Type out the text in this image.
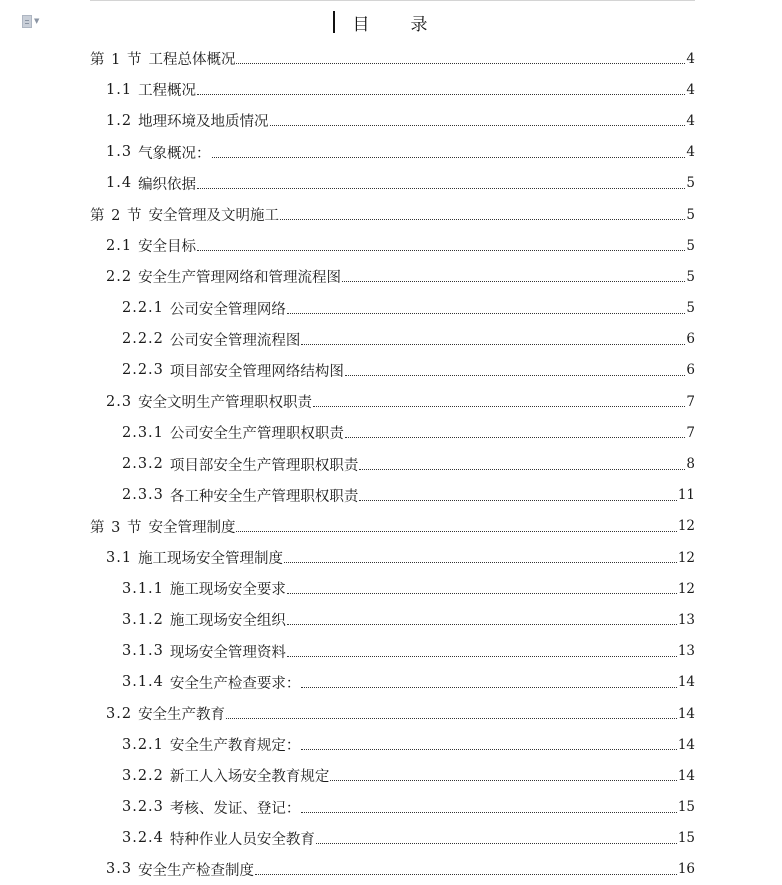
▼	目　录
第 1 节 工程总体概况	4
1.1 工程概况	4
1.2 地理环境及地质情况	4
1.3 气象概况：	4
1.4 编织依据	5
第 2 节 安全管理及文明施工	5
2.1 安全目标	5
2.2 安全生产管理网络和管理流程图	5
2.2.1 公司安全管理网络	5
2.2.2 公司安全管理流程图	6
2.2.3 项目部安全管理网络结构图	6
2.3 安全文明生产管理职权职责	7
2.3.1 公司安全生产管理职权职责	7
2.3.2 项目部安全生产管理职权职责	8
2.3.3 各工种安全生产管理职权职责	11
第 3 节 安全管理制度	12
3.1 施工现场安全管理制度	12
3.1.1 施工现场安全要求	12
3.1.2 施工现场安全组织	13
3.1.3 现场安全管理资料	13
3.1.4 安全生产检查要求：	14
3.2 安全生产教育	14
3.2.1 安全生产教育规定：	14
3.2.2 新工人入场安全教育规定	14
3.2.3 考核、发证、登记：	15
3.2.4 特种作业人员安全教育	15
3.3 安全生产检查制度	16
